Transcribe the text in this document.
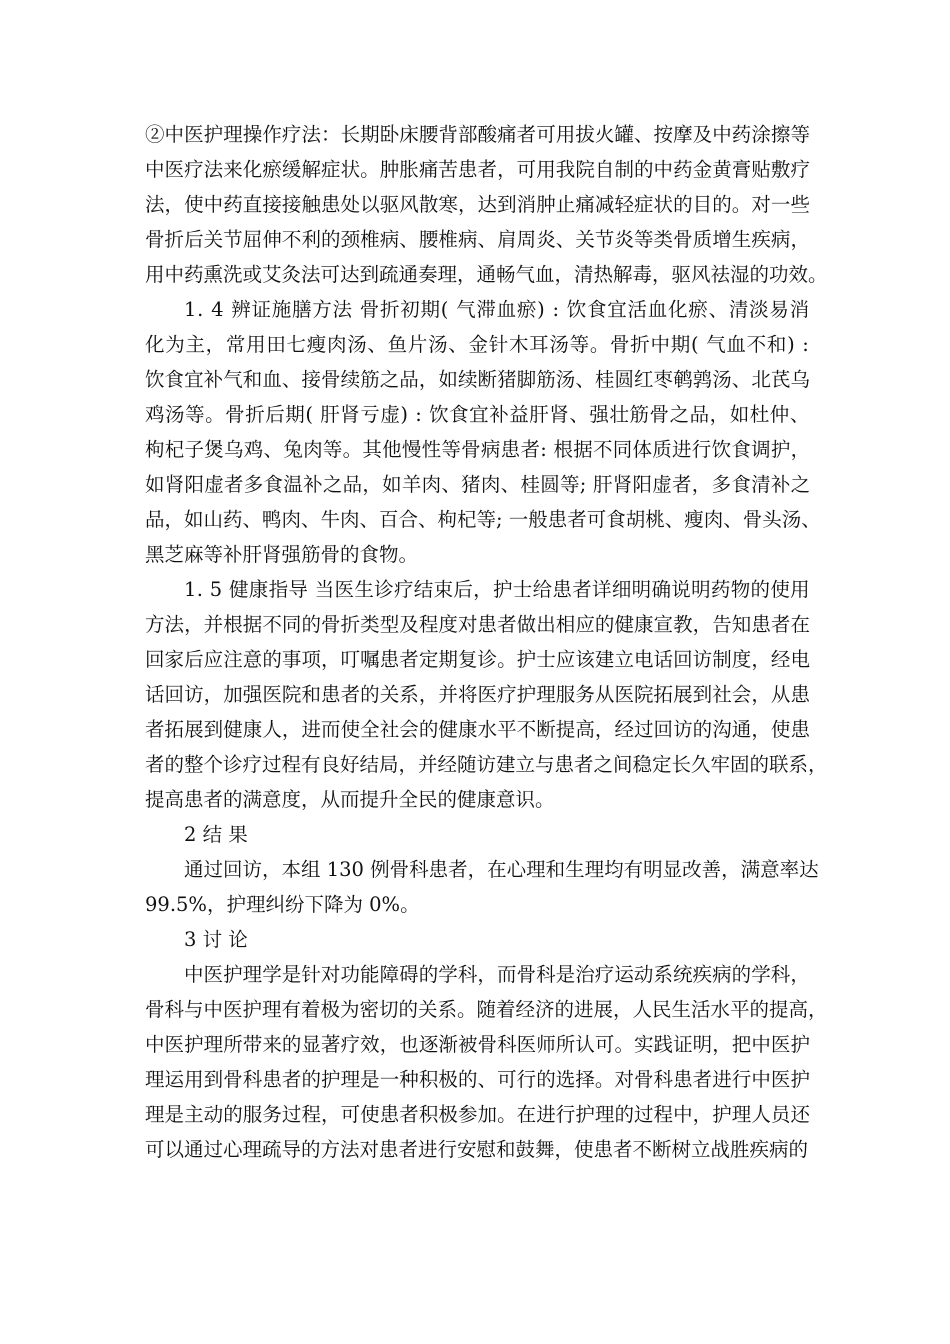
②中医护理操作疗法：长期卧床腰背部酸痛者可用拔火罐、按摩及中药涂擦等
中医疗法来化瘀缓解症状。肿胀痛苦患者，可用我院自制的中药金黄膏贴敷疗
法，使中药直接接触患处以驱风散寒，达到消肿止痛减轻症状的目的。对一些
骨折后关节屈伸不利的颈椎病、腰椎病、肩周炎、关节炎等类骨质增生疾病，
用中药熏洗或艾灸法可达到疏通奏理，通畅气血，清热解毒，驱风祛湿的功效。
1. 4 辨证施膳方法 骨折初期( 气滞血瘀) : 饮食宜活血化瘀、清淡易消
化为主，常用田七瘦肉汤、鱼片汤、金针木耳汤等。骨折中期( 气血不和) :
饮食宜补气和血、接骨续筋之品，如续断猪脚筋汤、桂圆红枣鹌鹑汤、北芪乌
鸡汤等。骨折后期( 肝肾亏虚) : 饮食宜补益肝肾、强壮筋骨之品，如杜仲、
枸杞子煲乌鸡、兔肉等。其他慢性等骨病患者: 根据不同体质进行饮食调护，
如肾阳虚者多食温补之品，如羊肉、猪肉、桂圆等; 肝肾阳虚者，多食清补之
品，如山药、鸭肉、牛肉、百合、枸杞等; 一般患者可食胡桃、瘦肉、骨头汤、
黑芝麻等补肝肾强筋骨的食物。
1. 5 健康指导 当医生诊疗结束后，护士给患者详细明确说明药物的使用
方法，并根据不同的骨折类型及程度对患者做出相应的健康宣教，告知患者在
回家后应注意的事项，叮嘱患者定期复诊。护士应该建立电话回访制度，经电
话回访，加强医院和患者的关系，并将医疗护理服务从医院拓展到社会，从患
者拓展到健康人，进而使全社会的健康水平不断提高，经过回访的沟通，使患
者的整个诊疗过程有良好结局，并经随访建立与患者之间稳定长久牢固的联系，
提高患者的满意度，从而提升全民的健康意识。
2 结 果
通过回访，本组 130 例骨科患者，在心理和生理均有明显改善，满意率达
99.5%，护理纠纷下降为 0%。
3 讨 论
中医护理学是针对功能障碍的学科，而骨科是治疗运动系统疾病的学科，
骨科与中医护理有着极为密切的关系。随着经济的进展，人民生活水平的提高，
中医护理所带来的显著疗效，也逐渐被骨科医师所认可。实践证明，把中医护
理运用到骨科患者的护理是一种积极的、可行的选择。对骨科患者进行中医护
理是主动的服务过程，可使患者积极参加。在进行护理的过程中，护理人员还
可以通过心理疏导的方法对患者进行安慰和鼓舞，使患者不断树立战胜疾病的
